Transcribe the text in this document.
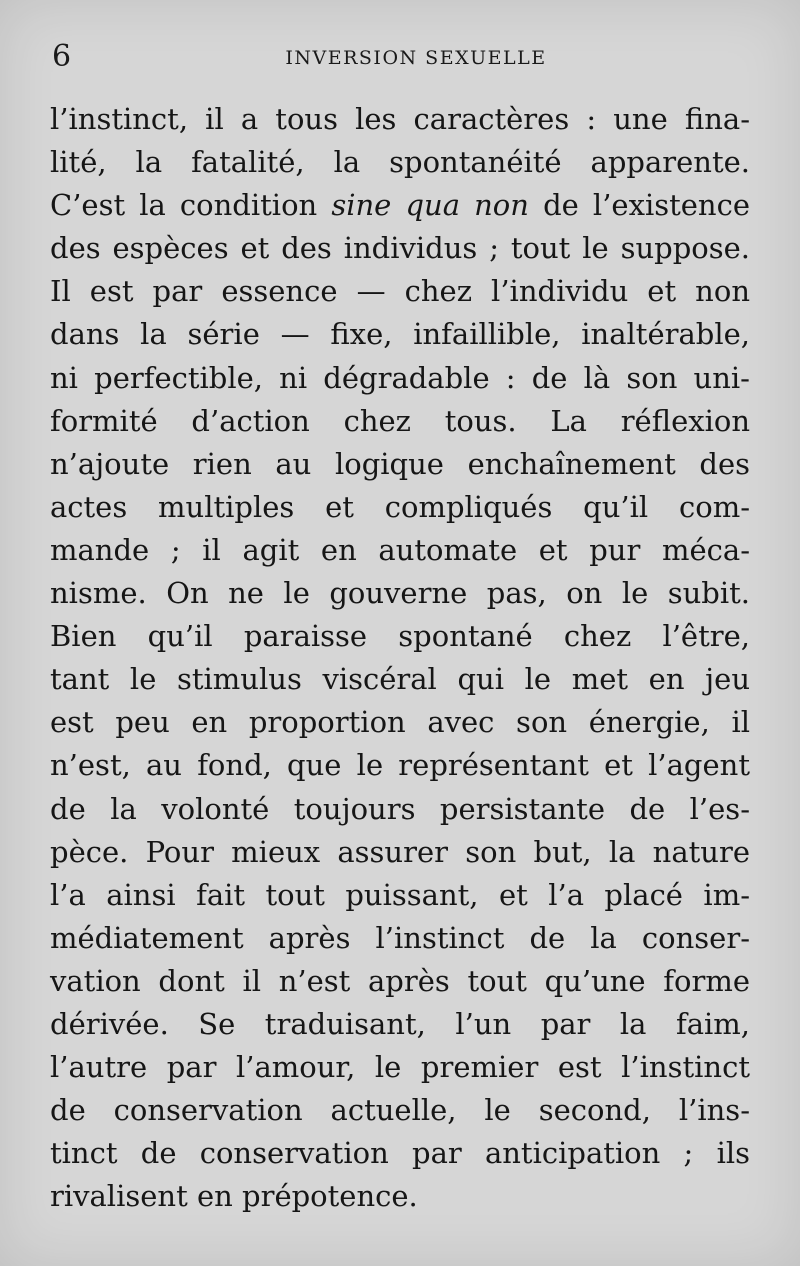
6	INVERSION SEXUELLE
l’instinct, il a tous les caractères : une fina-
lité, la fatalité, la spontanéité apparente.
C’est la condition sine qua non de l’existence
des espèces et des individus ; tout le suppose.
Il est par essence — chez l’individu et non
dans la série — fixe, infaillible, inaltérable,
ni perfectible, ni dégradable : de là son uni-
formité d’action chez tous. La réflexion
n’ajoute rien au logique enchaînement des
actes multiples et compliqués qu’il com-
mande ; il agit en automate et pur méca-
nisme. On ne le gouverne pas, on le subit.
Bien qu’il paraisse spontané chez l’être,
tant le stimulus viscéral qui le met en jeu
est peu en proportion avec son énergie, il
n’est, au fond, que le représentant et l’agent
de la volonté toujours persistante de l’es-
pèce. Pour mieux assurer son but, la nature
l’a ainsi fait tout puissant, et l’a placé im-
médiatement après l’instinct de la conser-
vation dont il n’est après tout qu’une forme
dérivée. Se traduisant, l’un par la faim,
l’autre par l’amour, le premier est l’instinct
de conservation actuelle, le second, l’ins-
tinct de conservation par anticipation ; ils
rivalisent en prépotence.
